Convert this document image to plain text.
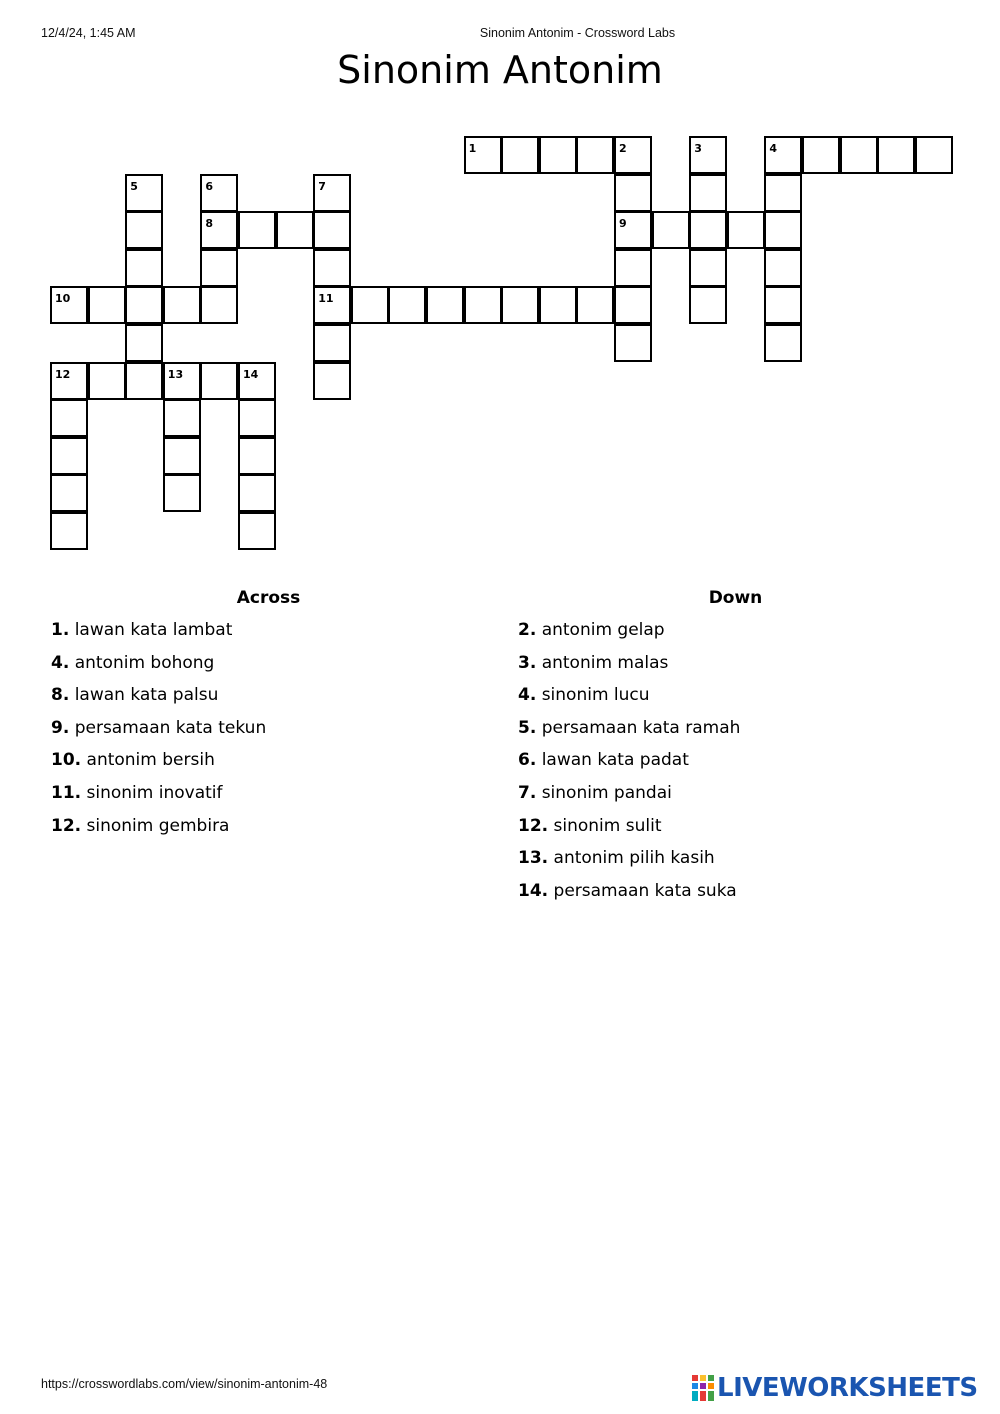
12/4/24, 1:45 AM	Sinonim Antonim - Crossword Labs
Sinonim Antonim
1	2	3	4
5	6	7
8	9
10	11
12	13	14
Across
1. lawan kata lambat
4. antonim bohong
8. lawan kata palsu
9. persamaan kata tekun
10. antonim bersih
11. sinonim inovatif
12. sinonim gembira
Down
2. antonim gelap
3. antonim malas
4. sinonim lucu
5. persamaan kata ramah
6. lawan kata padat
7. sinonim pandai
12. sinonim sulit
13. antonim pilih kasih
14. persamaan kata suka
https://crosswordlabs.com/view/sinonim-antonim-48	LIVEWORKSHEETS
